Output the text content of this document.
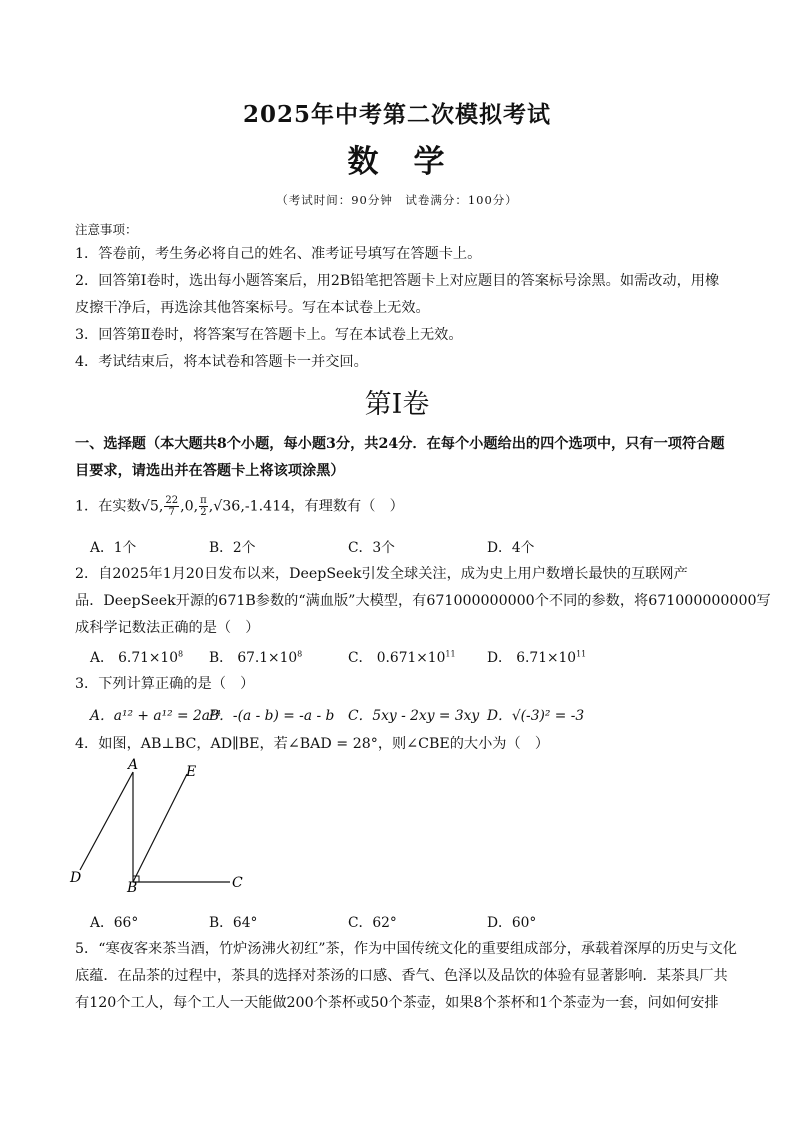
2025年中考第二次模拟考试
数　学
（考试时间：90分钟　试卷满分：100分）
注意事项：
1．答卷前，考生务必将自己的姓名、准考证号填写在答题卡上。
2．回答第Ⅰ卷时，选出每小题答案后，用2B铅笔把答题卡上对应题目的答案标号涂黑。如需改动，用橡
皮擦干净后，再选涂其他答案标号。写在本试卷上无效。
3．回答第Ⅱ卷时，将答案写在答题卡上。写在本试卷上无效。
4．考试结束后，将本试卷和答题卡一并交回。
第Ⅰ卷
一、选择题（本大题共8个小题，每小题3分，共24分．在每个小题给出的四个选项中，只有一项符合题
目要求，请选出并在答题卡上将该项涂黑）
1．在实数√5, $\frac{22}{7} ,0$, $\frac{\pi}{2} ,√36,-1.414$，有理数有（　）
A．1个	B．2个	C．3个	D．4个
2．自2025年1月20日发布以来，DeepSeek引发全球关注，成为史上用户数增长最快的互联网产
品．DeepSeek开源的671B参数的“满血版”大模型，有671000000000个不同的参数，将671000000000写
成科学记数法正确的是（　）
A． $6.71\times 10^8$ B． $67.1\times 10^8$	C． $0.671\times 10^{11}$ D． $6.71\times 10^{11}$
3．下列计算正确的是（　）
A．a¹² + a¹² = 2a²⁴
B．-(a - b) = -a - b C．5xy - 2xy = 3xy D．√(-3)² = -3
4．如图，AB⊥BC，AD∥BE，若∠BAD = 28°，则∠CBE的大小为（　）
A
B	C
D
E
A．66°	B．64°	C．62°	D．60°
5．“寒夜客来茶当酒，竹炉汤沸火初红”茶，作为中国传统文化的重要组成部分，承载着深厚的历史与文化
底蕴．在品茶的过程中，茶具的选择对茶汤的口感、香气、色泽以及品饮的体验有显著影响．某茶具厂共
有120个工人，每个工人一天能做200个茶杯或50个茶壶，如果8个茶杯和1个茶壶为一套，问如何安排
